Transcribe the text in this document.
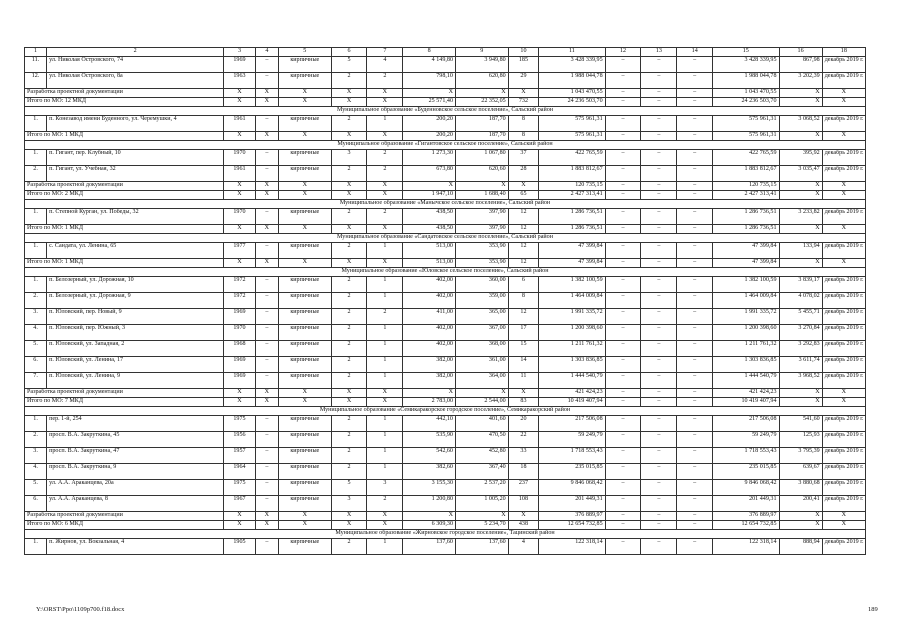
1	2	3	4	5	6	7	8	9	10	11	12	13	14	15	16	18
11.	ул. Николая Островского, 74	1969	–	кирпичные	5	4	4 149,80	3 949,80	185	3 428 339,95	–	–	–	3 428 339,95	867,98	декабрь 2019 г.
12.	ул. Николая Островского, 8а	1963	–	кирпичные	2	2	798,10	620,80	29	1 988 044,78	–	–	–	1 988 044,78	3 202,39	декабрь 2019 г.
Разработка проектной документации		X	X	X	X	X	X	X	X	1 043 470,55	–	–	–	1 043 470,55	X	X
Итого по МО: 12 МКД		X	X	X	X	X	25 571,40	22 352,05	732	24 236 503,70	–	–	–	24 236 503,70	X	X
Муниципальное образование «Буденновское сельское поселение», Сальский район																
1.	п. Конезавод имени Буденного, ул. Черемушки, 4	1961	–	кирпичные	2	1	200,20	187,70	8	575 961,31	–	–	–	575 961,31	3 068,52	декабрь 2019 г.
Итого по МО: 1 МКД		X	X	X	X	X	200,20	187,70	8	575 961,31	–	–	–	575 961,31	X	X
Муниципальное образование «Гигантовское сельское поселение», Сальский район																
1.	п. Гигант, пер. Клубный, 10	1970	–	кирпичные	3	2	1 273,30	1 067,80	37	422 765,59	–	–	–	422 765,59	395,92	декабрь 2019 г.
2.	п. Гигант, ул. Учебная, 32	1961	–	кирпичные	2	2	673,80	620,60	28	1 883 812,67	–	–	–	1 883 812,67	3 035,47	декабрь 2019 г.
Разработка проектной документации		X	X	X	X	X	X	X	X	120 735,15	–	–	–	120 735,15	X	X
Итого по МО: 2 МКД		X	X	X	X	X	1 947,10	1 688,40	65	2 427 313,41	–	–	–	2 427 313,41	X	X
Муниципальное образование «Манычское сельское поселение», Сальский район																
1.	п. Степной Курган, ул. Победы, 32	1970	–	кирпичные	2	2	438,50	397,90	12	1 286 736,51	–	–	–	1 286 736,51	3 233,82	декабрь 2019 г.
Итого по МО: 1 МКД		X	X	X	X	X	438,50	397,90	12	1 286 736,51	–	–	–	1 286 736,51	X	X
Муниципальное образование «Сандатовское сельское поселение», Сальский район																
1.	с. Сандата, ул. Ленина, 65	1977	–	кирпичные	2	1	513,00	353,90	12	47 399,84	–	–	–	47 399,84	133,94	декабрь 2019 г.
Итого по МО: 1 МКД		X	X	X	X	X	513,00	353,90	12	47 399,84	–	–	–	47 399,84	X	X
Муниципальное образование «Юловское сельское поселение», Сальский район																
1.	п. Белозерный, ул. Дорожная, 10	1972	–	кирпичные	2	1	402,00	360,00	6	1 382 100,59	–	–	–	1 382 100,59	3 839,17	декабрь 2019 г.
2.	п. Белозерный, ул. Дорожная, 9	1972	–	кирпичные	2	1	402,00	359,00	8	1 464 009,84	–	–	–	1 464 009,84	4 078,02	декабрь 2019 г.
3.	п. Юловский, пер. Новый, 9	1969	–	кирпичные	2	2	411,00	365,00	12	1 991 335,72	–	–	–	1 991 335,72	5 455,71	декабрь 2019 г.
4.	п. Юловский, пер. Южный, 3	1970	–	кирпичные	2	1	402,00	367,00	17	1 200 398,60	–	–	–	1 200 398,60	3 270,84	декабрь 2019 г.
5.	п. Юловский, ул. Западная, 2	1968	–	кирпичные	2	1	402,00	368,00	15	1 211 761,32	–	–	–	1 211 761,32	3 292,83	декабрь 2019 г.
6.	п. Юловский, ул. Ленина, 17	1969	–	кирпичные	2	1	382,00	361,00	14	1 303 836,85	–	–	–	1 303 836,85	3 611,74	декабрь 2019 г.
7.	п. Юловский, ул. Ленина, 9	1969	–	кирпичные	2	1	382,00	364,00	11	1 444 540,79	–	–	–	1 444 540,79	3 968,52	декабрь 2019 г.
Разработка проектной документации		X	X	X	X	X	X	X	X	421 424,23	–	–	–	421 424,23	X	X
Итого по МО: 7 МКД		X	X	X	X	X	2 783,00	2 544,00	83	10 419 407,94	–	–	–	10 419 407,94	X	X
Муниципальное образование «Семикаракорское городское поселение», Семикаракорский район																
1.	пер. 1-й, 254	1975	–	кирпичные	2	1	442,10	401,60	20	217 506,08	–	–	–	217 506,08	541,60	декабрь 2019 г.
2.	просп. В.А. Закруткина, 45	1956	–	кирпичные	2	1	535,90	470,50	22	59 249,79	–	–	–	59 249,79	125,93	декабрь 2019 г.
3.	просп. В.А. Закруткина, 47	1957	–	кирпичные	2	1	542,60	452,80	33	1 718 553,43	–	–	–	1 718 553,43	3 795,39	декабрь 2019 г.
4.	просп. В.А. Закруткина, 9	1964	–	кирпичные	2	1	382,60	367,40	18	235 015,85	–	–	–	235 015,85	639,67	декабрь 2019 г.
5.	ул. А.А. Араканцева, 20а	1975	–	кирпичные	5	3	3 155,30	2 537,20	237	9 846 068,42	–	–	–	9 846 068,42	3 880,68	декабрь 2019 г.
6.	ул. А.А. Араканцева, 8	1967	–	кирпичные	3	2	1 200,80	1 005,20	108	201 449,31	–	–	–	201 449,31	200,41	декабрь 2019 г.
Разработка проектной документации		X	X	X	X	X	X	X	X	376 889,97	–	–	–	376 889,97	X	X
Итого по МО: 6 МКД		X	X	X	X	X	6 309,30	5 234,70	438	12 654 732,85	–	–	–	12 654 732,85	X	X
Муниципальное образование «Жирновское городское поселение», Тацинский район																
1.	п. Жирнов, ул. Вокзальная, 4	1905	–	кирпичные	2	1	137,60	137,60	4	122 318,14	–	–	–	122 318,14	888,94	декабрь 2019 г.
Y:\ORST\Ppo\1109p700.f18.docx	189
